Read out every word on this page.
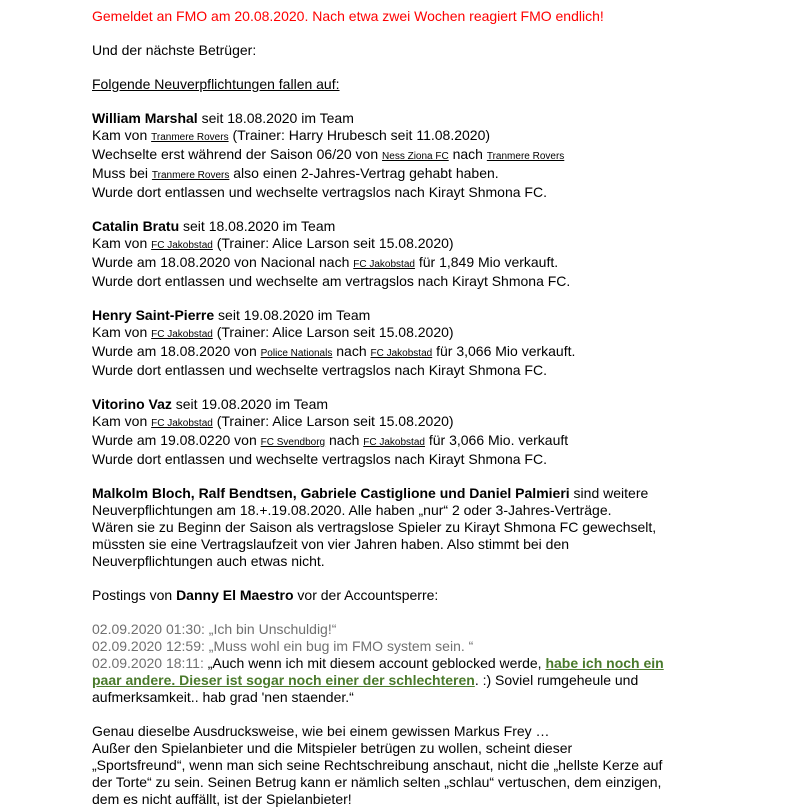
Gemeldet an FMO am 20.08.2020. Nach etwa zwei Wochen reagiert FMO endlich!
Und der nächste Betrüger:
Folgende Neuverpflichtungen fallen auf:
William Marshal seit 18.08.2020 im Team
Kam von Tranmere Rovers (Trainer: Harry Hrubesch seit 11.08.2020)
Wechselte erst während der Saison 06/20 von Ness Ziona FC nach Tranmere Rovers
Muss bei Tranmere Rovers also einen 2-Jahres-Vertrag gehabt haben.
Wurde dort entlassen und wechselte vertragslos nach Kirayt Shmona FC.
Catalin Bratu seit 18.08.2020 im Team
Kam von FC Jakobstad (Trainer: Alice Larson seit 15.08.2020)
Wurde am 18.08.2020 von Nacional nach FC Jakobstad für 1,849 Mio verkauft.
Wurde dort entlassen und wechselte am vertragslos nach Kirayt Shmona FC.
Henry Saint-Pierre seit 19.08.2020 im Team
Kam von FC Jakobstad (Trainer: Alice Larson seit 15.08.2020)
Wurde am 18.08.2020 von Police Nationals nach FC Jakobstad für 3,066 Mio verkauft.
Wurde dort entlassen und wechselte vertragslos nach Kirayt Shmona FC.
Vitorino Vaz seit 19.08.2020 im Team
Kam von FC Jakobstad (Trainer: Alice Larson seit 15.08.2020)
Wurde am 19.08.0220 von FC Svendborg nach FC Jakobstad für 3,066 Mio. verkauft
Wurde dort entlassen und wechselte vertragslos nach Kirayt Shmona FC.
Malkolm Bloch, Ralf Bendtsen, Gabriele Castiglione und Daniel Palmieri sind weitere
Neuverpflichtungen am 18.+.19.08.2020. Alle haben „nur“ 2 oder 3-Jahres-Verträge.
Wären sie zu Beginn der Saison als vertragslose Spieler zu Kirayt Shmona FC gewechselt,
müssten sie eine Vertragslaufzeit von vier Jahren haben. Also stimmt bei den
Neuverpflichtungen auch etwas nicht.
Postings von Danny El Maestro vor der Accountsperre:
02.09.2020 01:30: „Ich bin Unschuldig!“
02.09.2020 12:59: „Muss wohl ein bug im FMO system sein. “
02.09.2020 18:11: „Auch wenn ich mit diesem account geblocked werde, habe ich noch ein
paar andere. Dieser ist sogar noch einer der schlechteren. :) Soviel rumgeheule und
aufmerksamkeit.. hab grad 'nen staender.“
Genau dieselbe Ausdrucksweise, wie bei einem gewissen Markus Frey …
Außer den Spielanbieter und die Mitspieler betrügen zu wollen, scheint dieser
„Sportsfreund“, wenn man sich seine Rechtschreibung anschaut, nicht die „hellste Kerze auf
der Torte“ zu sein. Seinen Betrug kann er nämlich selten „schlau“ vertuschen, dem einzigen,
dem es nicht auffällt, ist der Spielanbieter!
